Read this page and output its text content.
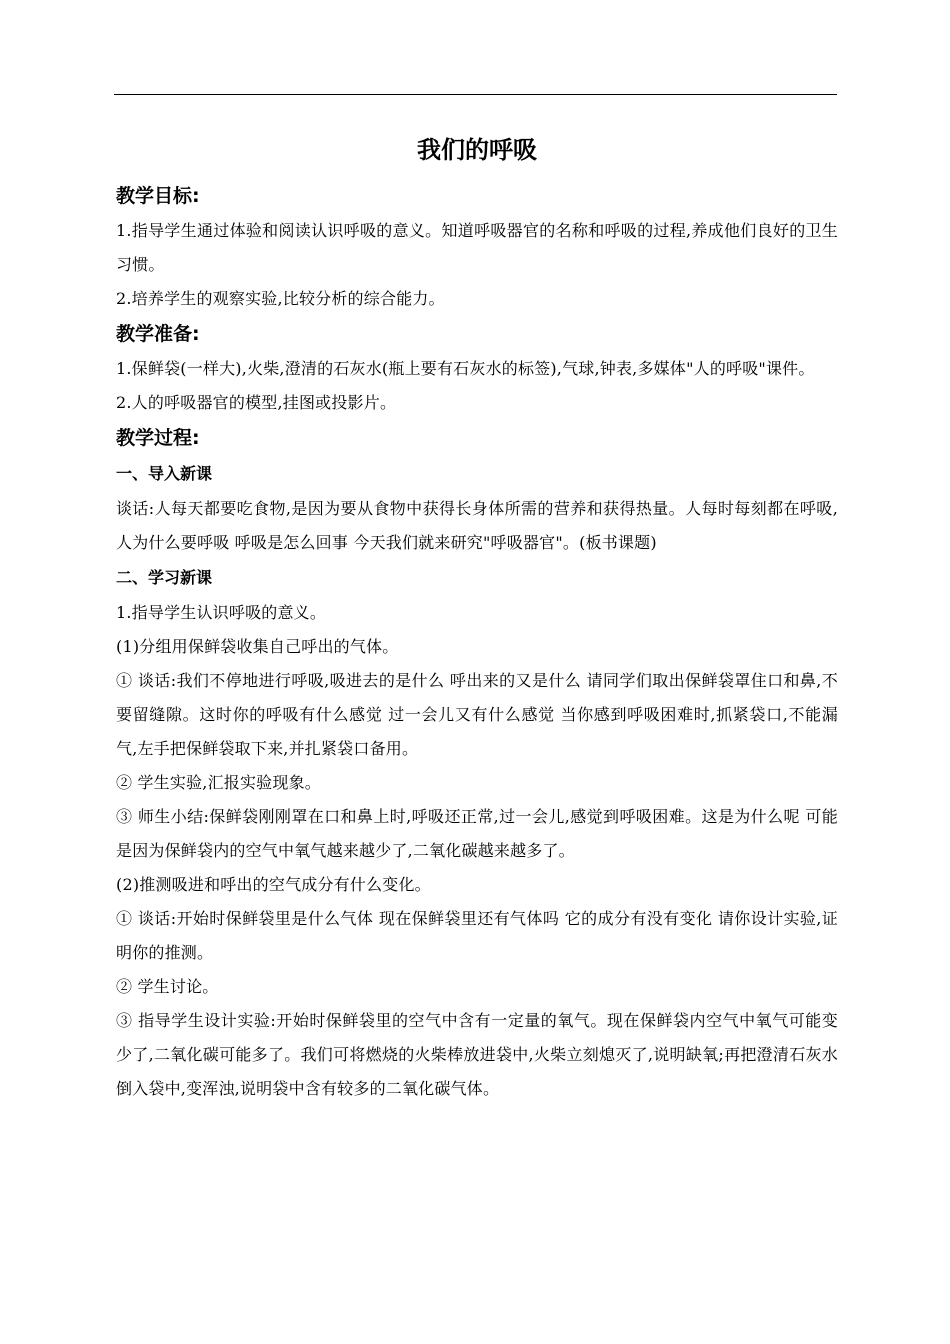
我们的呼吸
教学目标:

1.指导学生通过体验和阅读认识呼吸的意义。知道呼吸器官的名称和呼吸的过程,养成他们良好的卫生习惯。

2.培养学生的观察实验,比较分析的综合能力。

教学准备:

1.保鲜袋(一样大),火柴,澄清的石灰水(瓶上要有石灰水的标签),气球,钟表,多媒体"人的呼吸"课件。

2.人的呼吸器官的模型,挂图或投影片。

教学过程:
一、导入新课

谈话:人每天都要吃食物,是因为要从食物中获得长身体所需的营养和获得热量。人每时每刻都在呼吸,人为什么要呼吸 呼吸是怎么回事 今天我们就来研究"呼吸器官"。(板书课题)

二、学习新课

1.指导学生认识呼吸的意义。

(1)分组用保鲜袋收集自己呼出的气体。

① 谈话:我们不停地进行呼吸,吸进去的是什么 呼出来的又是什么 请同学们取出保鲜袋罩住口和鼻,不要留缝隙。这时你的呼吸有什么感觉 过一会儿又有什么感觉 当你感到呼吸困难时,抓紧袋口,不能漏气,左手把保鲜袋取下来,并扎紧袋口备用。

② 学生实验,汇报实验现象。

③ 师生小结:保鲜袋刚刚罩在口和鼻上时,呼吸还正常,过一会儿,感觉到呼吸困难。这是为什么呢 可能是因为保鲜袋内的空气中氧气越来越少了,二氧化碳越来越多了。

(2)推测吸进和呼出的空气成分有什么变化。

① 谈话:开始时保鲜袋里是什么气体 现在保鲜袋里还有气体吗 它的成分有没有变化 请你设计实验,证明你的推测。

② 学生讨论。

③ 指导学生设计实验:开始时保鲜袋里的空气中含有一定量的氧气。现在保鲜袋内空气中氧气可能变少了,二氧化碳可能多了。我们可将燃烧的火柴棒放进袋中,火柴立刻熄灭了,说明缺氧;再把澄清石灰水倒入袋中,变浑浊,说明袋中含有较多的二氧化碳气体。
